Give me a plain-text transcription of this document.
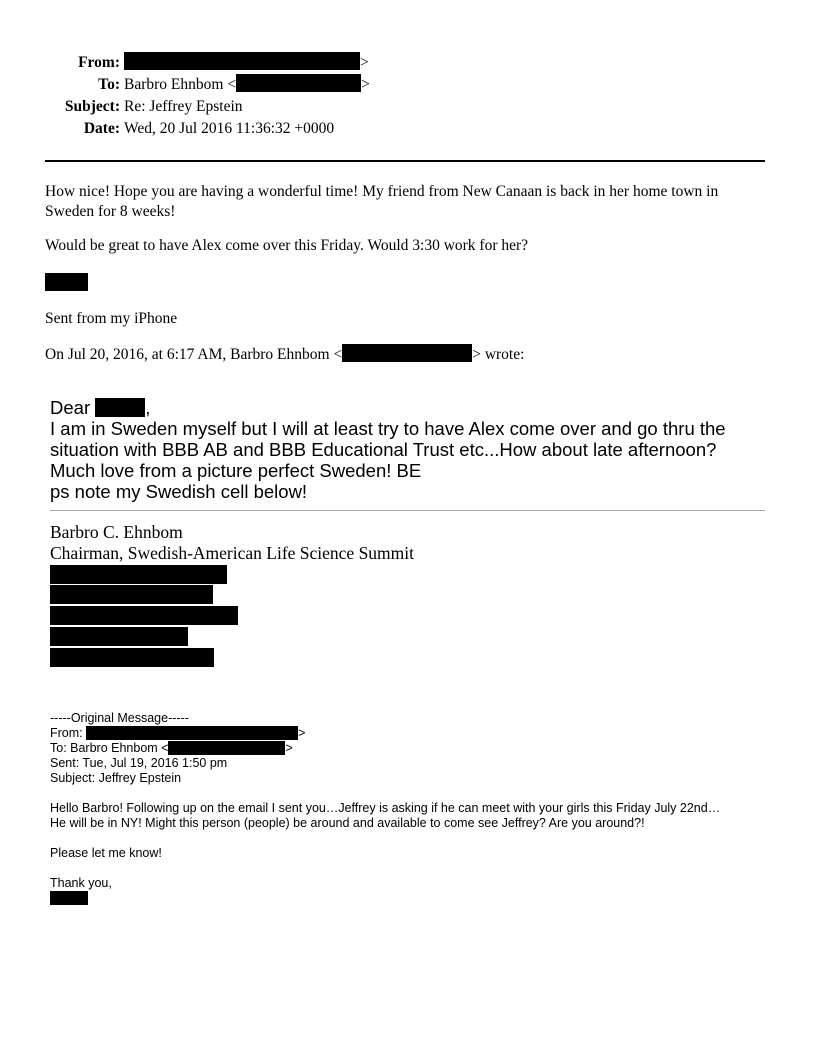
From:	>
To: Barbro Ehnbom <	>
Subject: Re: Jeffrey Epstein
Date: Wed, 20 Jul 2016 11:36:32 +0000
How nice! Hope you are having a wonderful time! My friend from New Canaan is back in her home town in Sweden for 8 weeks!
Would be great to have Alex come over this Friday. Would 3:30 work for her?
Sent from my iPhone
On Jul 20, 2016, at 6:17 AM, Barbro Ehnbom <	> wrote:
Dear	,
I am in Sweden myself but I will at least try to have Alex come over and go thru the
situation with BBB AB and BBB Educational Trust etc...How about late afternoon?
Much love from a picture perfect Sweden! BE
ps note my Swedish cell below!
Barbro C. Ehnbom
Chairman, Swedish-American Life Science Summit
-----Original Message-----
From:	>
To: Barbro Ehnbom <	>
Sent: Tue, Jul 19, 2016 1:50 pm
Subject: Jeffrey Epstein
Hello Barbro! Following up on the email I sent you…Jeffrey is asking if he can meet with your girls this Friday July 22nd…
He will be in NY! Might this person (people) be around and available to come see Jeffrey? Are you around?!
Please let me know!
Thank you,
